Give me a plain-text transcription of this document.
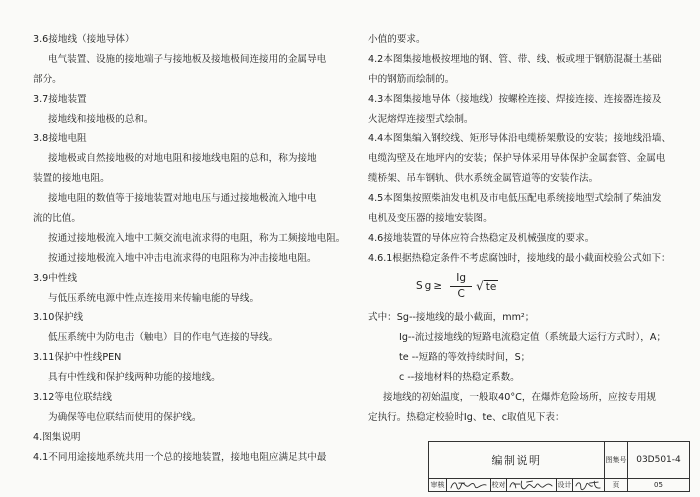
3.6接地线（接地导体）
电气装置、设施的接地端子与接地板及接地极间连接用的金属导电
部分。
3.7接地装置
接地线和接地极的总和。
3.8接地电阻
接地极或自然接地极的对地电阻和接地线电阻的总和，称为接地
装置的接地电阻。
接地电阻的数值等于接地装置对地电压与通过接地极流入地中电
流的比值。
按通过接地极流入地中工频交流电流求得的电阻，称为工频接地电阻。
按通过接地极流入地中冲击电流求得的电阻称为冲击接地电阻。
3.9中性线
与低压系统电源中性点连接用来传输电能的导线。
3.10保护线
低压系统中为防电击（触电）目的作电气连接的导线。
3.11保护中性线PEN
具有中性线和保护线两种功能的接地线。
3.12等电位联结线
为确保等电位联结而使用的保护线。
4.图集说明
4.1不同用途接地系统共用一个总的接地装置，接地电阻应满足其中最
小值的要求。
4.2本图集接地极按埋地的钢、管、带、线、板或埋于钢筋混凝土基础
中的钢筋而绘制的。
4.3本图集接地导体（接地线）按螺栓连接、焊接连接、连接器连接及
火泥熔焊连接型式绘制。
4.4本图集编入钢绞线、矩形导体沿电缆桥架敷设的安装；接地线沿墙、
电缆沟壁及在地坪内的安装；保护导体采用导体保护金属套管、金属电
缆桥架、吊车钢轨、供水系统金属管道等的安装作法。
4.5本图集按照柴油发电机及市电低压配电系统接地型式绘制了柴油发
电机及变压器的接地安装图。
4.6接地装置的导体应符合热稳定及机械强度的要求。
4.6.1根据热稳定条件不考虑腐蚀时，接地线的最小截面校验公式如下：
式中：Sg--接地线的最小截面，mm²；
Ig--流过接地线的短路电流稳定值（系统最大运行方式时），A；
te --短路的等效持续时间，S；
c --接地材料的热稳定系数。
接地线的初始温度，一般取40°C，在爆炸危险场所，应按专用规
定执行。热稳定校验时Ig、te、c取值见下表：
$Sg\ge \frac{Ig}{C}$ √ te
编制说明	图集号	03D501-4
审核	校对	设计	页	05
